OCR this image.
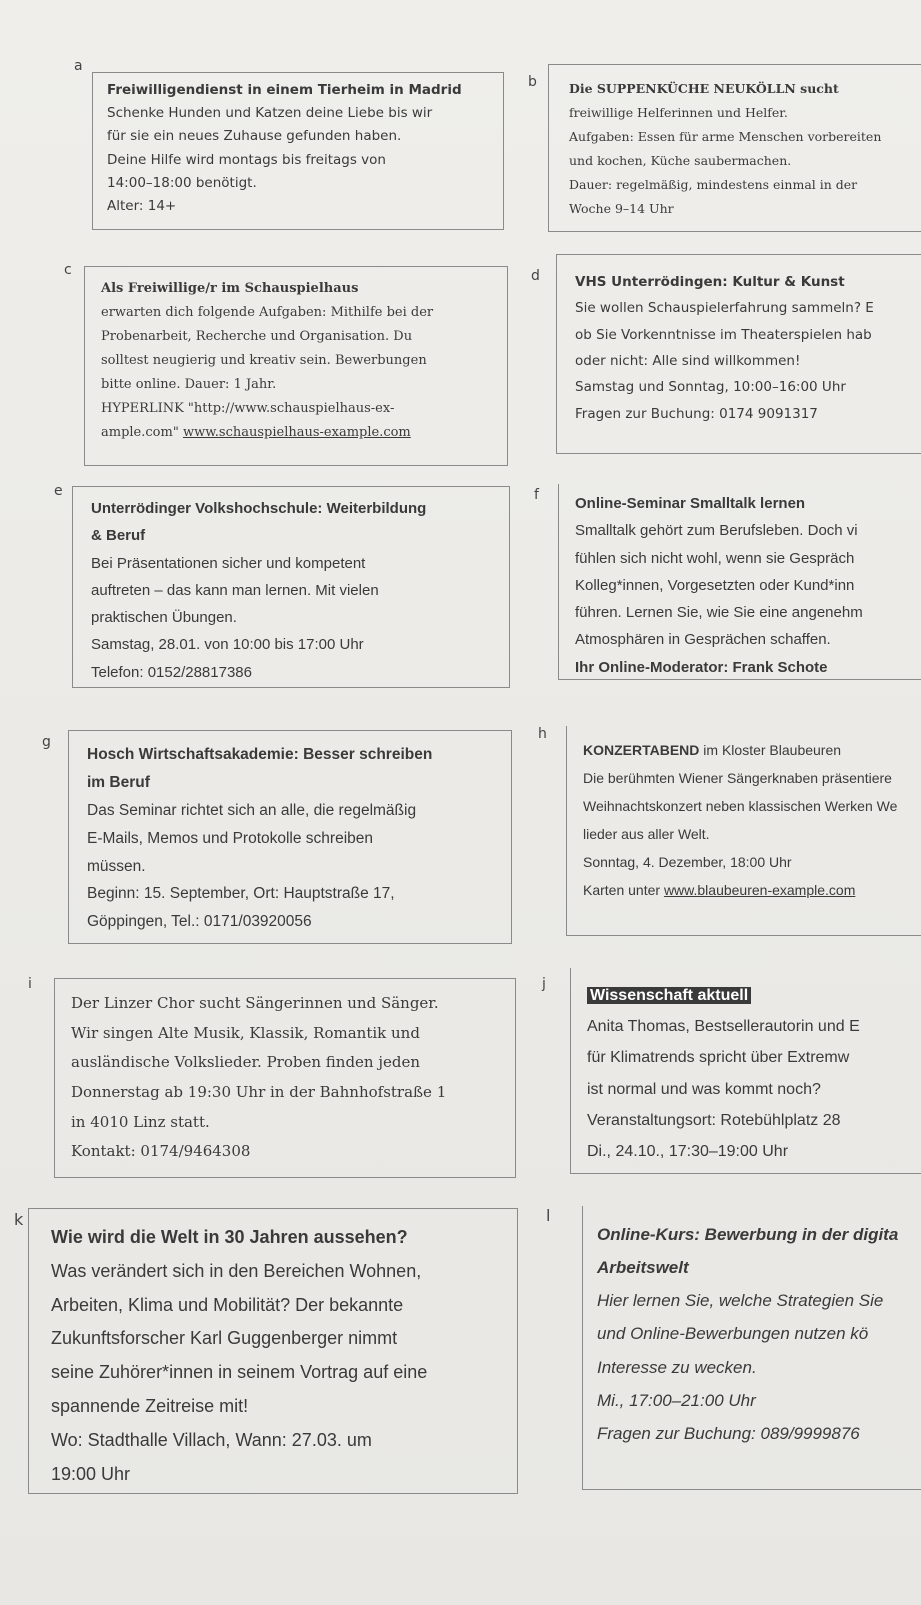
a

Freiwilligendienst in einem Tierheim in Madrid

Schenke Hunden und Katzen deine Liebe bis wir

für sie ein neues Zuhause gefunden haben.

Deine Hilfe wird montags bis freitags von

14:00–18:00 benötigt.

Alter: 14+

b	Die SUPPENKÜCHE NEUKÖLLN sucht

freiwillige Helferinnen und Helfer.

Aufgaben: Essen für arme Menschen vorbereiten

und kochen, Küche saubermachen.

Dauer: regelmäßig, mindestens einmal in der

Woche 9–14 Uhr

c

Als Freiwillige/r im Schauspielhaus

erwarten dich folgende Aufgaben: Mithilfe bei der

Probenarbeit, Recherche und Organisation. Du

solltest neugierig und kreativ sein. Bewerbungen

bitte online. Dauer: 1 Jahr.

HYPERLINK "http://www.schauspielhaus-ex-

ample.com" www.schauspielhaus-example.com

d	VHS Unterrödingen: Kultur & Kunst

Sie wollen Schauspielerfahrung sammeln? E

ob Sie Vorkenntnisse im Theaterspielen hab

oder nicht: Alle sind willkommen!

Samstag und Sonntag, 10:00–16:00 Uhr

Fragen zur Buchung: 0174 9091317

e

Unterrödinger Volkshochschule: Weiterbildung

& Beruf

Bei Präsentationen sicher und kompetent

auftreten – das kann man lernen. Mit vielen

praktischen Übungen.

Samstag, 28.01. von 10:00 bis 17:00 Uhr

Telefon: 0152/28817386

f Online-Seminar Smalltalk lernen

Smalltalk gehört zum Berufsleben. Doch vi

fühlen sich nicht wohl, wenn sie Gespräch

Kolleg*innen, Vorgesetzten oder Kund*inn

führen. Lernen Sie, wie Sie eine angenehm

Atmosphären in Gesprächen schaffen.

Ihr Online-Moderator: Frank Schote

g

Hosch Wirtschaftsakademie: Besser schreiben

im Beruf

Das Seminar richtet sich an alle, die regelmäßig

E-Mails, Memos und Protokolle schreiben

müssen.

Beginn: 15. September, Ort: Hauptstraße 17,

Göppingen, Tel.: 0171/03920056

h

KONZERTABEND im Kloster Blaubeuren

Die berühmten Wiener Sängerknaben präsentiere

Weihnachtskonzert neben klassischen Werken We

lieder aus aller Welt.

Sonntag, 4. Dezember, 18:00 Uhr

Karten unter www.blaubeuren-example.com

i

Der Linzer Chor sucht Sängerinnen und Sänger.

Wir singen Alte Musik, Klassik, Romantik und

ausländische Volkslieder. Proben finden jeden

Donnerstag ab 19:30 Uhr in der Bahnhofstraße 1

in 4010 Linz statt.

Kontakt: 0174/9464308

j

Wissenschaft aktuell

Anita Thomas, Bestsellerautorin und E

für Klimatrends spricht über Extremw

ist normal und was kommt noch?

Veranstaltungsort: Rotebühlplatz 28

Di., 24.10., 17:30–19:00 Uhr

k

Wie wird die Welt in 30 Jahren aussehen?

Was verändert sich in den Bereichen Wohnen,

Arbeiten, Klima und Mobilität? Der bekannte

Zukunftsforscher Karl Guggenberger nimmt

seine Zuhörer*innen in seinem Vortrag auf eine

spannende Zeitreise mit!

Wo: Stadthalle Villach, Wann: 27.03. um

19:00 Uhr

l

Online-Kurs: Bewerbung in der digita

Arbeitswelt

Hier lernen Sie, welche Strategien Sie

und Online-Bewerbungen nutzen kö

Interesse zu wecken.

Mi., 17:00–21:00 Uhr

Fragen zur Buchung: 089/9999876
